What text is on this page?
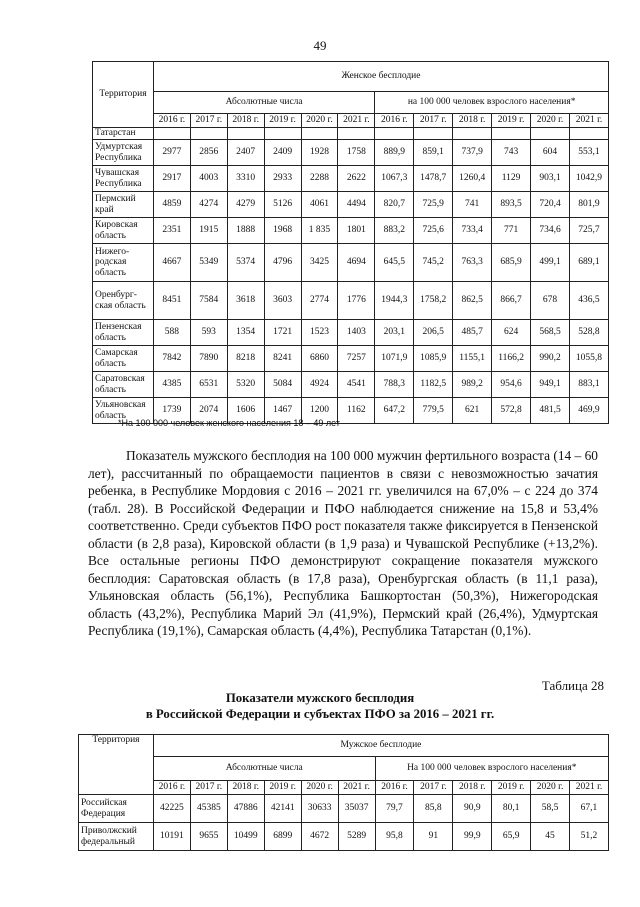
49
Территория	Женское бесплодие											
	Абсолютные числа						на 100 000 человек взрослого населения*					
	2016 г.	2017 г.	2018 г.	2019 г.	2020 г.	2021 г.	2016 г.	2017 г.	2018 г.	2019 г.	2020 г.	2021 г.
Татарстан												
Удмуртская Республика	2977	2856	2407	2409	1928	1758	889,9	859,1	737,9	743	604	553,1
Чувашская Республика	2917	4003	3310	2933	2288	2622	1067,3	1478,7	1260,4	1129	903,1	1042,9
Пермский край	4859	4274	4279	5126	4061	4494	820,7	725,9	741	893,5	720,4	801,9
Кировская область	2351	1915	1888	1968	1 835	1801	883,2	725,6	733,4	771	734,6	725,7
Нижего-родская область	4667	5349	5374	4796	3425	4694	645,5	745,2	763,3	685,9	499,1	689,1
Оренбург-ская область	8451	7584	3618	3603	2774	1776	1944,3	1758,2	862,5	866,7	678	436,5
Пензенская область	588	593	1354	1721	1523	1403	203,1	206,5	485,7	624	568,5	528,8
Самарская область	7842	7890	8218	8241	6860	7257	1071,9	1085,9	1155,1	1166,2	990,2	1055,8
Саратовская область	4385	6531	5320	5084	4924	4541	788,3	1182,5	989,2	954,6	949,1	883,1
Ульяновская область	1739	2074	1606	1467	1200	1162	647,2	779,5	621	572,8	481,5	469,9
*На 100 000 человек женского населения 18 – 49 лет

Показатель мужского бесплодия на 100 000 мужчин фертильного возраста (14 – 60 лет), рассчитанный по обращаемости пациентов в связи с невозможностью зачатия ребенка, в Республике Мордовия с 2016 – 2021 гг. увеличился на 67,0% – с 224 до 374 (табл. 28). В Российской Федерации и ПФО наблюдается снижение на 15,8 и 53,4% соответственно. Среди субъектов ПФО рост показателя также фиксируется в Пензенской области (в 2,8 раза), Кировской области (в 1,9 раза) и Чувашской Республике (+13,2%). Все остальные регионы ПФО демонстрируют сокращение показателя мужского бесплодия: Саратовская область (в 17,8 раза), Оренбургская область (в 11,1 раза), Ульяновская область (56,1%), Республика Башкортостан (50,3%), Нижегородская область (43,2%), Республика Марий Эл (41,9%), Пермский край (26,4%), Удмуртская Республика (19,1%), Самарская область (4,4%), Республика Татарстан (0,1%).

Таблица 28
Показатели мужского бесплодия
в Российской Федерации и субъектах ПФО за 2016 – 2021 гг.
Территория	Мужское бесплодие											
	Абсолютные числа						На 100 000 человек взрослого населения*					
	2016 г.	2017 г.	2018 г.	2019 г.	2020 г.	2021 г.	2016 г.	2017 г.	2018 г.	2019 г.	2020 г.	2021 г.
Российская Федерация	42225	45385	47886	42141	30633	35037	79,7	85,8	90,9	80,1	58,5	67,1
Приволжский федеральный	10191	9655	10499	6899	4672	5289	95,8	91	99,9	65,9	45	51,2
